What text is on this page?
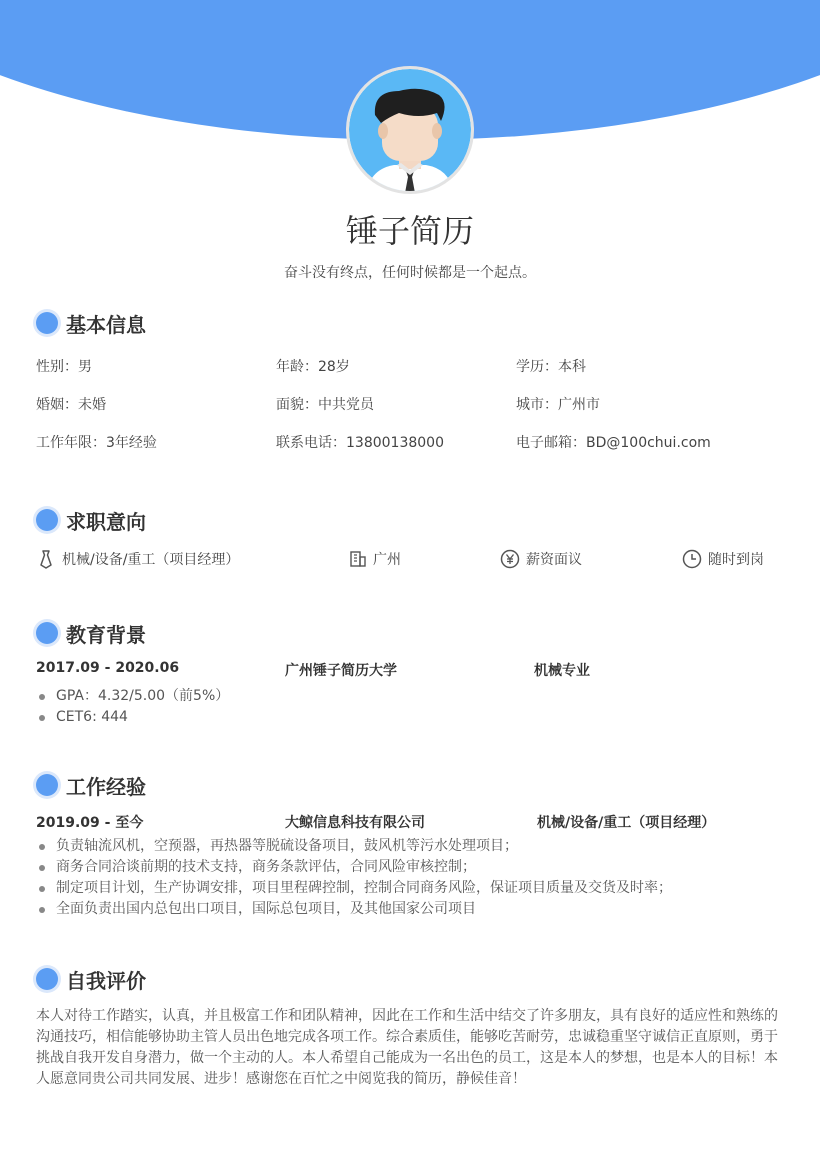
锤子简历
奋斗没有终点，任何时候都是一个起点。
基本信息
性别：男	年龄：28岁	学历：本科
婚姻：未婚	面貌：中共党员	城市：广州市
工作年限：3年经验	联系电话：13800138000	电子邮箱：BD@100chui.com
求职意向
机械/设备/重工（项目经理）	广州	薪资面议	随时到岗
教育背景
2017.09 - 2020.06	广州锤子简历大学	机械专业
GPA：4.32/5.00（前5%）
CET6: 444
工作经验
2019.09 - 至今	大鲸信息科技有限公司	机械/设备/重工（项目经理）
负责轴流风机，空预器，再热器等脱硫设备项目，鼓风机等污水处理项目；
商务合同洽谈前期的技术支持，商务条款评估，合同风险审核控制；
制定项目计划，生产协调安排，项目里程碑控制，控制合同商务风险，保证项目质量及交货及时率；
全面负责出国内总包出口项目，国际总包项目，及其他国家公司项目
自我评价
本人对待工作踏实，认真，并且极富工作和团队精神，因此在工作和生活中结交了许多朋友，具有良好的适应性和熟练的
沟通技巧，相信能够协助主管人员出色地完成各项工作。综合素质佳，能够吃苦耐劳，忠诚稳重坚守诚信正直原则，勇于
挑战自我开发自身潜力，做一个主动的人。本人希望自己能成为一名出色的员工，这是本人的梦想，也是本人的目标！本
人愿意同贵公司共同发展、进步！感谢您在百忙之中阅览我的简历，静候佳音！
